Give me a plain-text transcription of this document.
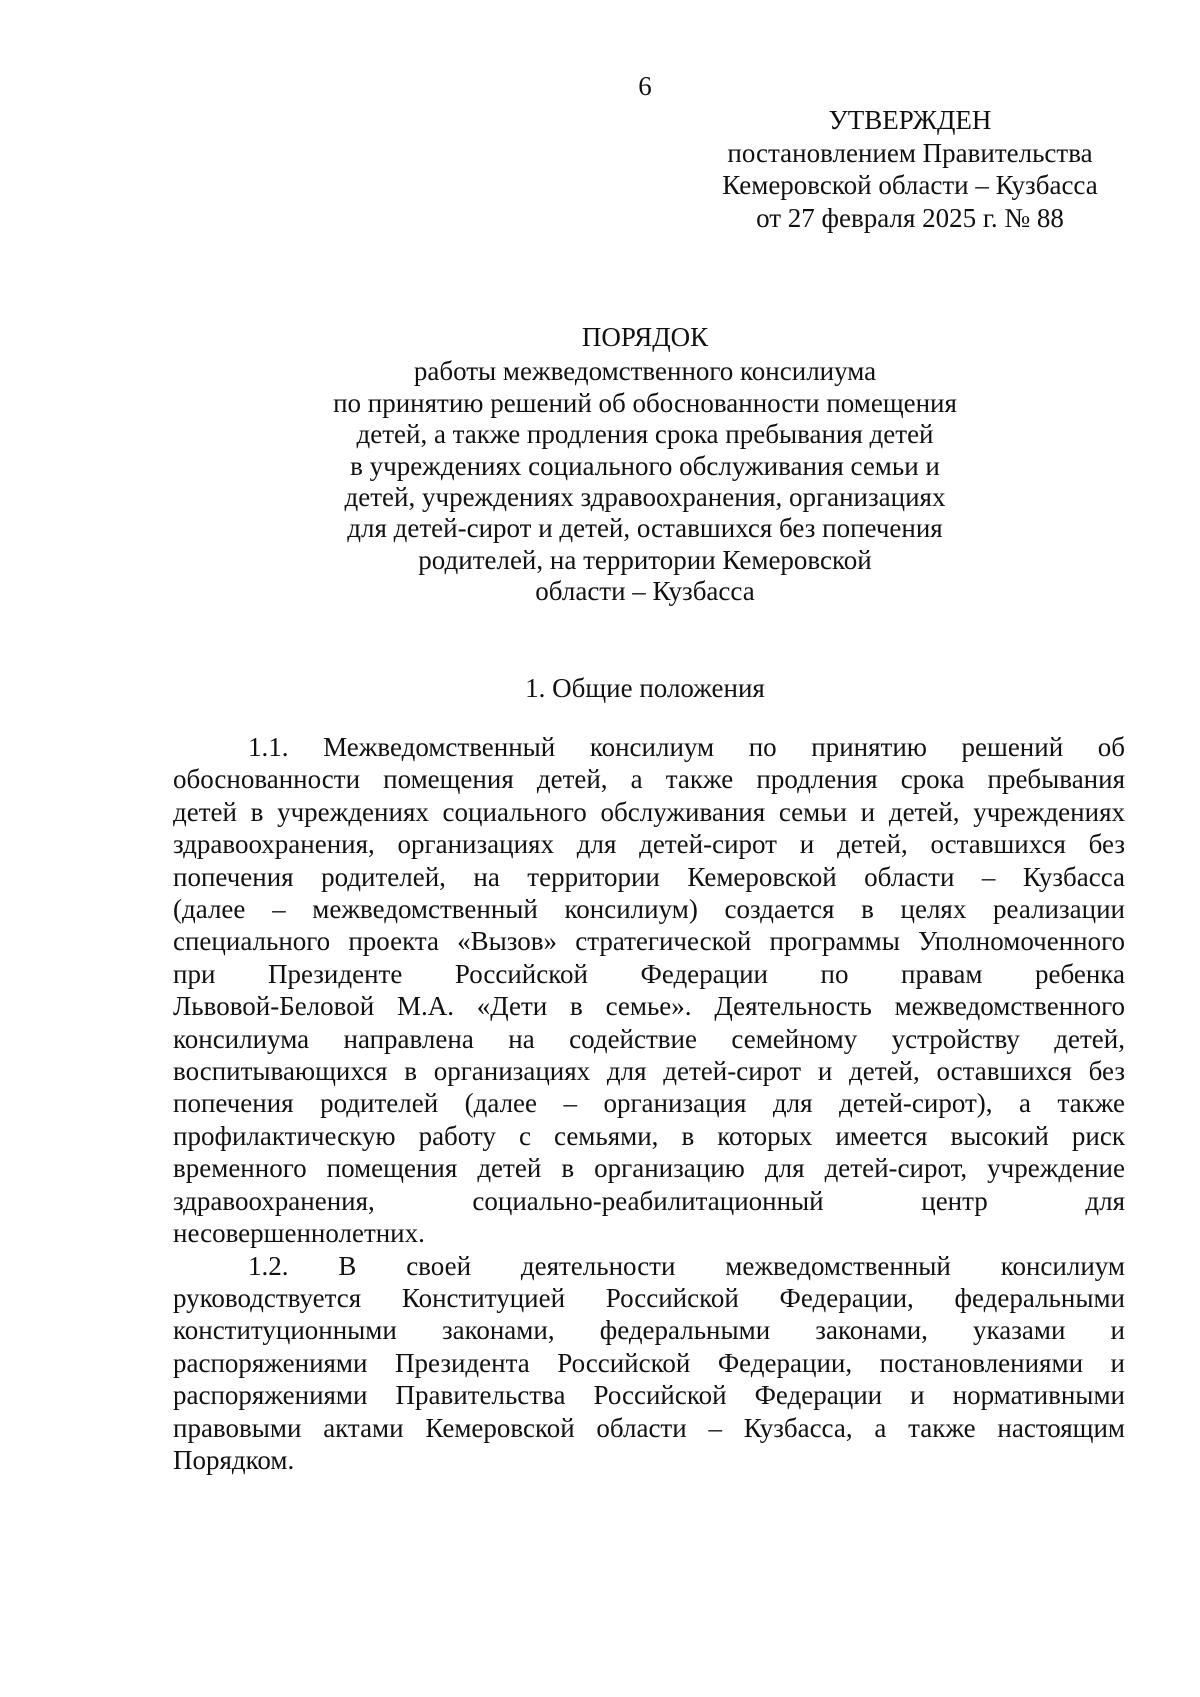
6
УТВЕРЖДЕН
постановлением Правительства
Кемеровской области – Кузбасса
от 27 февраля 2025 г. № 88
ПОРЯДОК
работы межведомственного консилиума
по принятию решений об обоснованности помещения
детей, а также продления срока пребывания детей
в учреждениях социального обслуживания семьи и
детей, учреждениях здравоохранения, организациях
для детей-сирот и детей, оставшихся без попечения
родителей, на территории Кемеровской
области – Кузбасса
1. Общие положения

1.1. Межведомственный консилиум по принятию решений об
обоснованности помещения детей, а также продления срока пребывания
детей в учреждениях социального обслуживания семьи и детей, учреждениях
здравоохранения, организациях для детей-сирот и детей, оставшихся без
попечения родителей, на территории Кемеровской области – Кузбасса
(далее – межведомственный консилиум) создается в целях реализации
специального проекта «Вызов» стратегической программы Уполномоченного
при Президенте Российской Федерации по правам ребенка
Львовой-Беловой М.А. «Дети в семье». Деятельность межведомственного
консилиума направлена на содействие семейному устройству детей,
воспитывающихся в организациях для детей-сирот и детей, оставшихся без
попечения родителей (далее – организация для детей-сирот), а также
профилактическую работу с семьями, в которых имеется высокий риск
временного помещения детей в организацию для детей-сирот, учреждение
здравоохранения, социально-реабилитационный центр для
несовершеннолетних.

1.2. В своей деятельности межведомственный консилиум
руководствуется Конституцией Российской Федерации, федеральными
конституционными законами, федеральными законами, указами и
распоряжениями Президента Российской Федерации, постановлениями и
распоряжениями Правительства Российской Федерации и нормативными
правовыми актами Кемеровской области – Кузбасса, а также настоящим
Порядком.
